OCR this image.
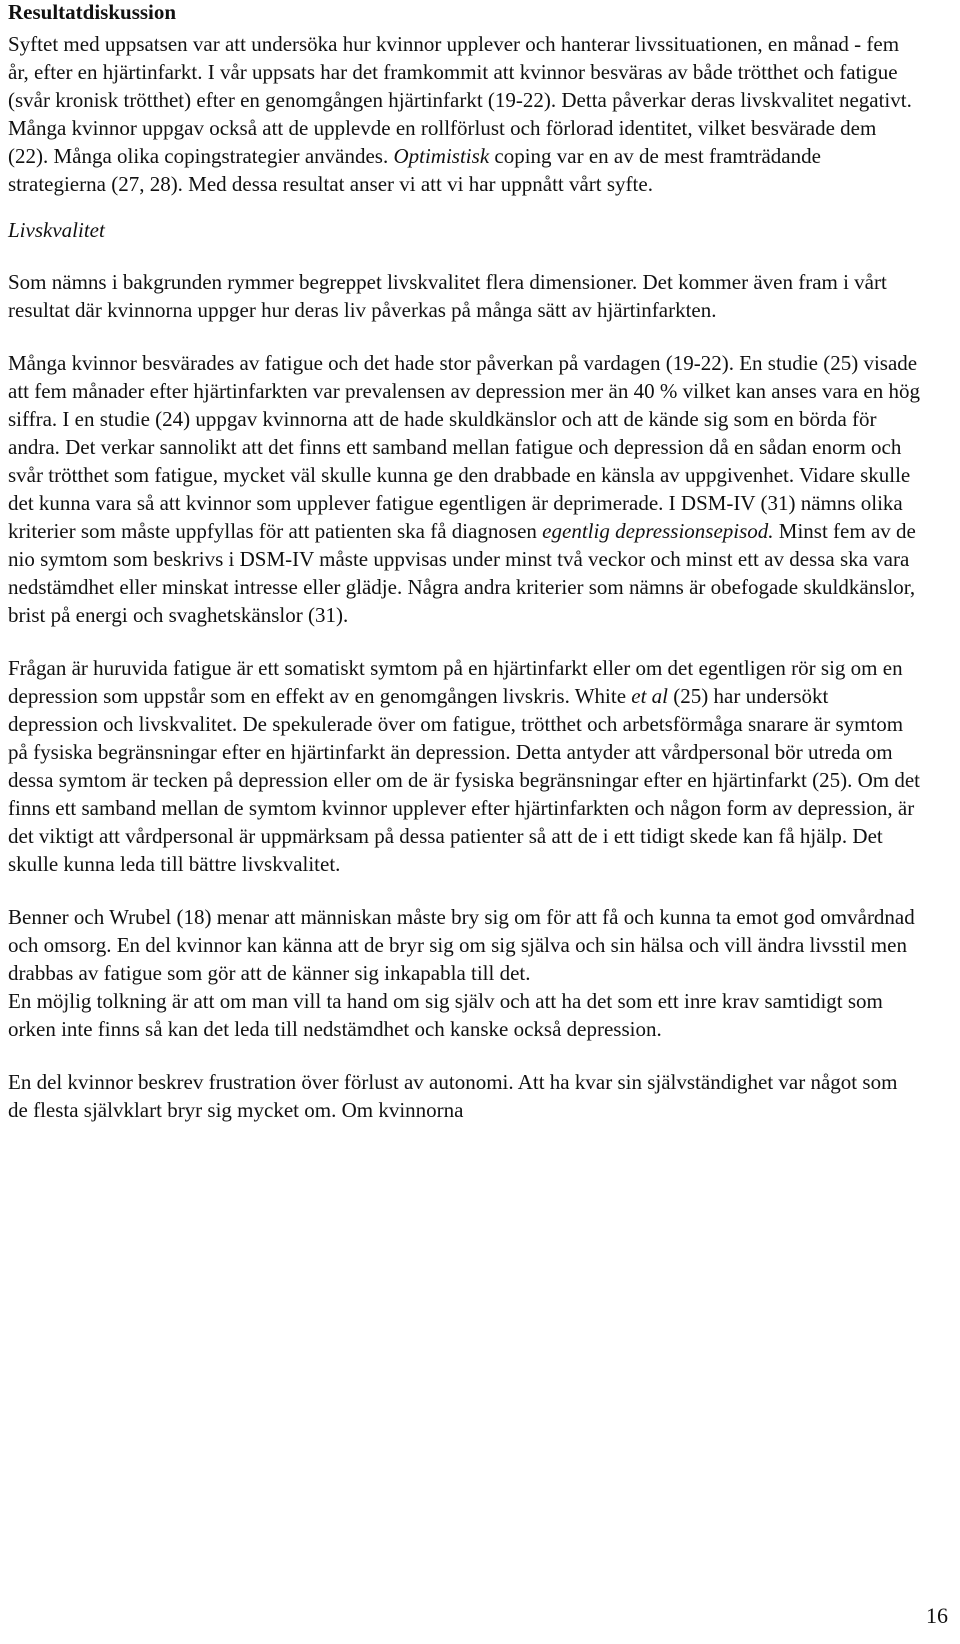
Resultatdiskussion

Syftet med uppsatsen var att undersöka hur kvinnor upplever och hanterar livssituationen, en månad - fem år, efter en hjärtinfarkt. I vår uppsats har det framkommit att kvinnor besväras av både trötthet och fatigue (svår kronisk trötthet) efter en genomgången hjärtinfarkt (19-22). Detta påverkar deras livskvalitet negativt. Många kvinnor uppgav också att de upplevde en rollförlust och förlorad identitet, vilket besvärade dem (22). Många olika copingstrategier användes. Optimistisk coping var en av de mest framträdande strategierna (27, 28). Med dessa resultat anser vi att vi har uppnått vårt syfte.

Livskvalitet

Som nämns i bakgrunden rymmer begreppet livskvalitet flera dimensioner. Det kommer även fram i vårt resultat där kvinnorna uppger hur deras liv påverkas på många sätt av hjärtinfarkten.

Många kvinnor besvärades av fatigue och det hade stor påverkan på vardagen (19-22). En studie (25) visade att fem månader efter hjärtinfarkten var prevalensen av depression mer än 40 % vilket kan anses vara en hög siffra. I en studie (24) uppgav kvinnorna att de hade skuldkänslor och att de kände sig som en börda för andra. Det verkar sannolikt att det finns ett samband mellan fatigue och depression då en sådan enorm och svår trötthet som fatigue, mycket väl skulle kunna ge den drabbade en känsla av uppgivenhet. Vidare skulle det kunna vara så att kvinnor som upplever fatigue egentligen är deprimerade. I DSM-IV (31) nämns olika kriterier som måste uppfyllas för att patienten ska få diagnosen egentlig depressionsepisod. Minst fem av de nio symtom som beskrivs i DSM-IV måste uppvisas under minst två veckor och minst ett av dessa ska vara nedstämdhet eller minskat intresse eller glädje. Några andra kriterier som nämns är obefogade skuldkänslor, brist på energi och svaghetskänslor (31).

Frågan är huruvida fatigue är ett somatiskt symtom på en hjärtinfarkt eller om det egentligen rör sig om en depression som uppstår som en effekt av en genomgången livskris. White et al (25) har undersökt depression och livskvalitet. De spekulerade över om fatigue, trötthet och arbetsförmåga snarare är symtom på fysiska begränsningar efter en hjärtinfarkt än depression. Detta antyder att vårdpersonal bör utreda om dessa symtom är tecken på depression eller om de är fysiska begränsningar efter en hjärtinfarkt (25). Om det finns ett samband mellan de symtom kvinnor upplever efter hjärtinfarkten och någon form av depression, är det viktigt att vårdpersonal är uppmärksam på dessa patienter så att de i ett tidigt skede kan få hjälp. Det skulle kunna leda till bättre livskvalitet.

Benner och Wrubel (18) menar att människan måste bry sig om för att få och kunna ta emot god omvårdnad och omsorg. En del kvinnor kan känna att de bryr sig om sig själva och sin hälsa och vill ändra livsstil men drabbas av fatigue som gör att de känner sig inkapabla till det.

En möjlig tolkning är att om man vill ta hand om sig själv och att ha det som ett inre krav samtidigt som orken inte finns så kan det leda till nedstämdhet och kanske också depression.

En del kvinnor beskrev frustration över förlust av autonomi. Att ha kvar sin självständighet var något som de flesta självklart bryr sig mycket om. Om kvinnorna

16
